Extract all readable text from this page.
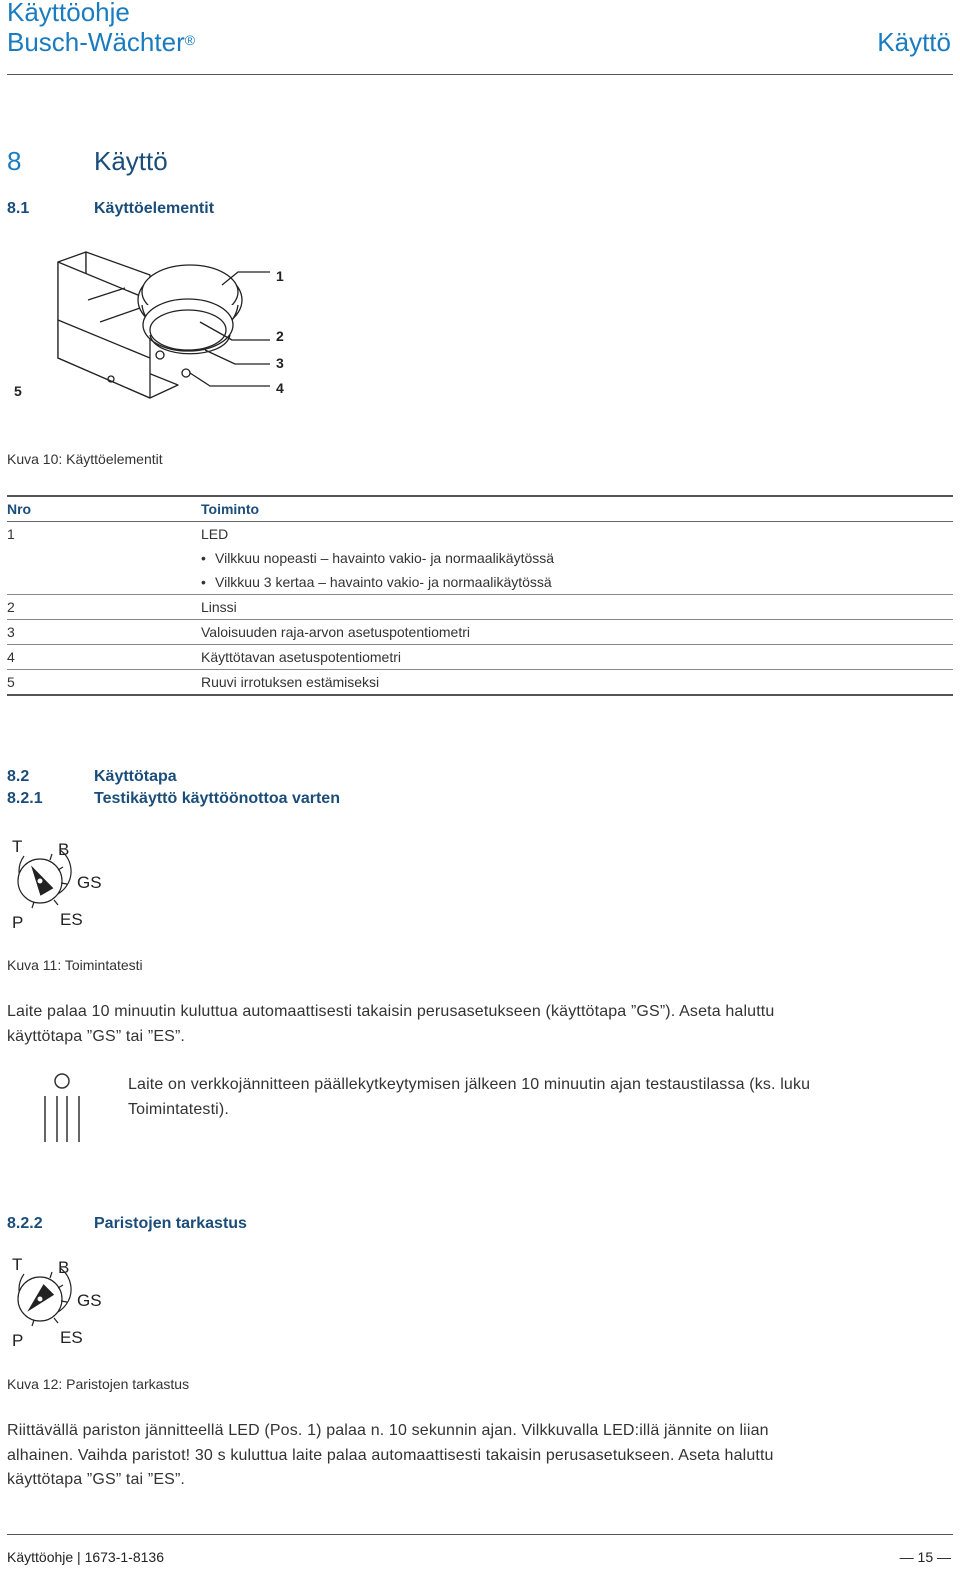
Käyttöohje
Busch-Wächter®	Käyttö
8	Käyttö
8.1	Käyttöelementit
1
2
3
4
5
Kuva 10: Käyttöelementit
Nro	Toiminto

1	LED
• Vilkkuu nopeasti – havainto vakio- ja normaalikäytössä
• Vilkkuu 3 kertaa – havainto vakio- ja normaalikäytössä

2	Linssi
3	Valoisuuden raja-arvon asetuspotentiometri
4	Käyttötavan asetuspotentiometri
5	Ruuvi irrotuksen estämiseksi
8.2	Käyttötapa
8.2.1	Testikäyttö käyttöönottoa varten
T B
GS
P ES
Kuva 11: Toimintatesti
Laite palaa 10 minuutin kuluttua automaattisesti takaisin perusasetukseen (käyttötapa ”GS”). Aseta haluttu
käyttötapa ”GS” tai ”ES”.
Laite on verkkojännitteen päällekytkeytymisen jälkeen 10 minuutin ajan testaustilassa (ks. luku
Toimintatesti).
8.2.2	Paristojen tarkastus
T B
GS
P ES
Kuva 12: Paristojen tarkastus
Riittävällä pariston jännitteellä LED (Pos. 1) palaa n. 10 sekunnin ajan. Vilkkuvalla LED:illä jännite on liian
alhainen. Vaihda paristot! 30 s kuluttua laite palaa automaattisesti takaisin perusasetukseen. Aseta haluttu
käyttötapa ”GS” tai ”ES”.
Käyttöohje | 1673-1-8136	— 15 —
